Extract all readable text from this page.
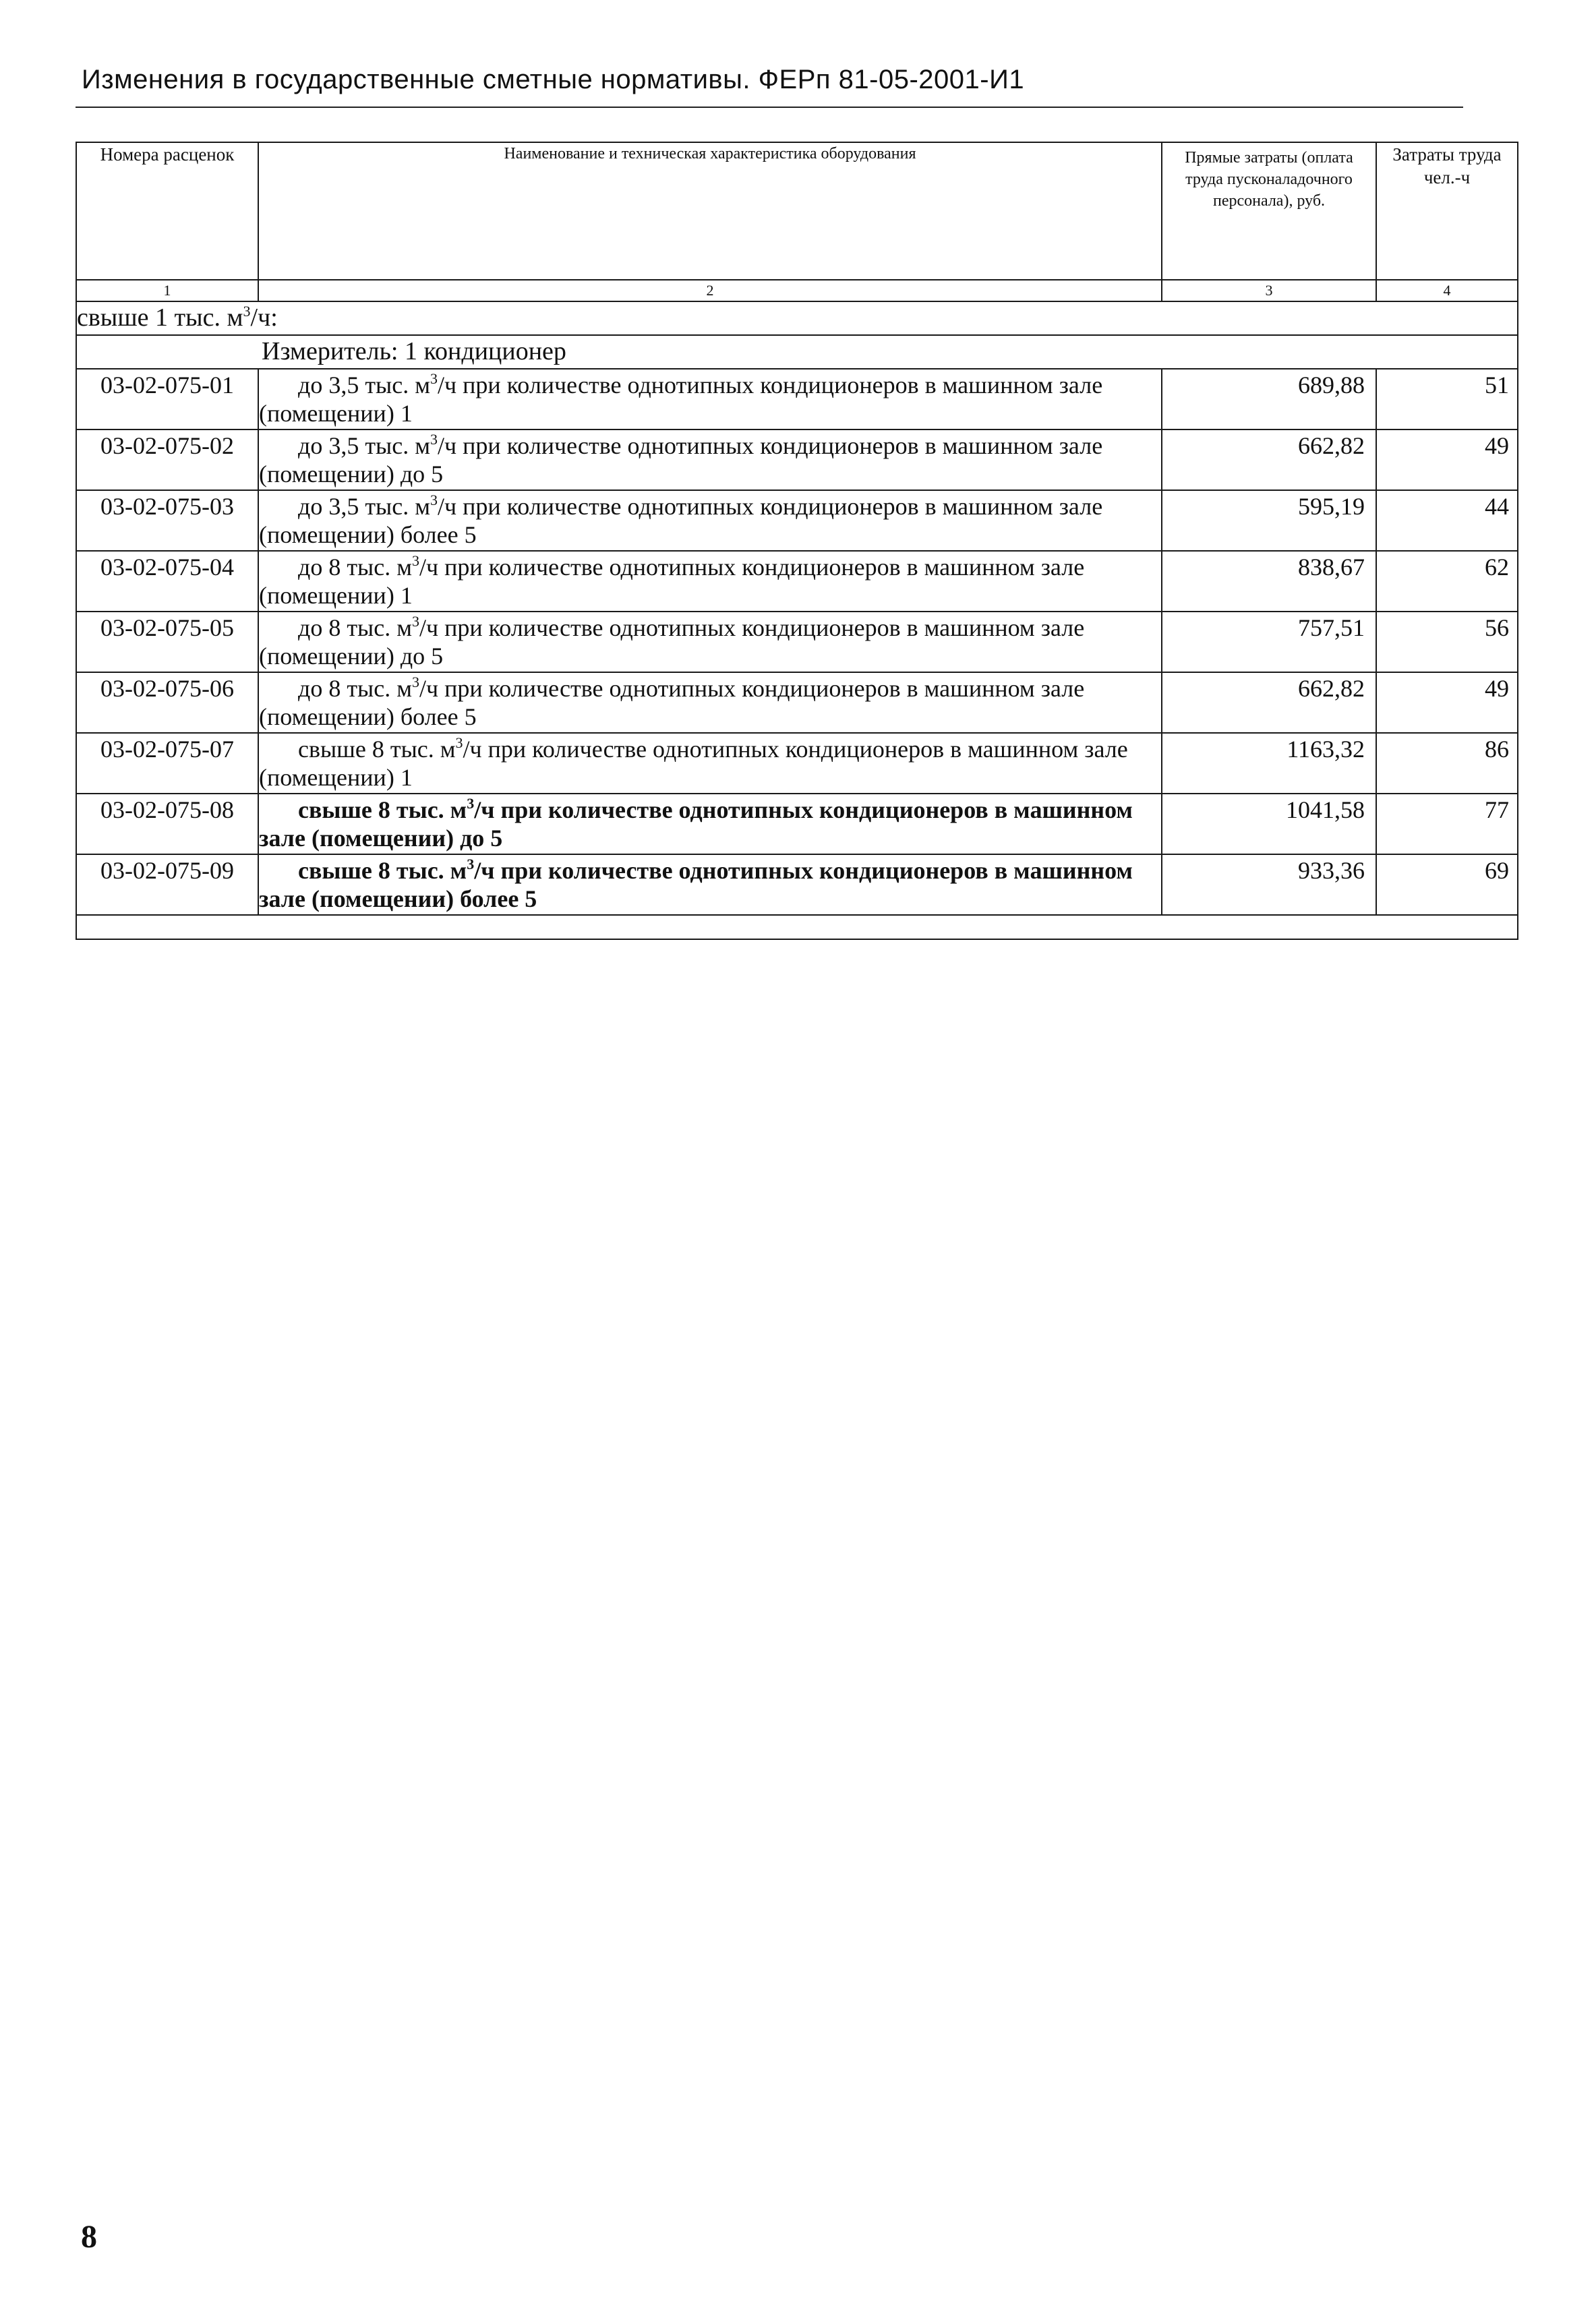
Изменения в государственные сметные нормативы. ФЕРп 81-05-2001-И1
Номера расценок	Наименование и техническая характеристика оборудования	Прямые затраты (оплата труда пусконаладочного персонала), руб.	Затраты труда чел.-ч
1	2	3	4
свыше 1 тыс. $м^3/ч$:			
Измеритель: 1 кондиционер			
03-02-075-01	до 3,5 тыс. $м^3/ч$ при количестве однотипных кондиционеров в машинном зале (помещении) 1	689,88	51
03-02-075-02	до 3,5 тыс. $м^3/ч$ при количестве однотипных кондиционеров в машинном зале (помещении) до 5	662,82	49
03-02-075-03	до 3,5 тыс. $м^3/ч$ при количестве однотипных кондиционеров в машинном зале (помещении) более 5	595,19	44
03-02-075-04	до 8 тыс. $м^3/ч$ при количестве однотипных кондиционеров в машинном зале (помещении) 1	838,67	62
03-02-075-05	до 8 тыс. $м^3/ч$ при количестве однотипных кондиционеров в машинном зале (помещении) до 5	757,51	56
03-02-075-06	до 8 тыс. $м^3/ч$ при количестве однотипных кондиционеров в машинном зале (помещении) более 5	662,82	49
03-02-075-07	свыше 8 тыс. $м^3/ч$ при количестве однотипных кондиционеров в машинном зале (помещении) 1	1163,32	86
03-02-075-08	свыше 8 тыс. $м^3/ч$ при количестве однотипных кондиционеров в машинном зале (помещении) до 5	1041,58	77
03-02-075-09	свыше 8 тыс. $м^3/ч$ при количестве однотипных кондиционеров в машинном зале (помещении) более 5	933,36	69

8
